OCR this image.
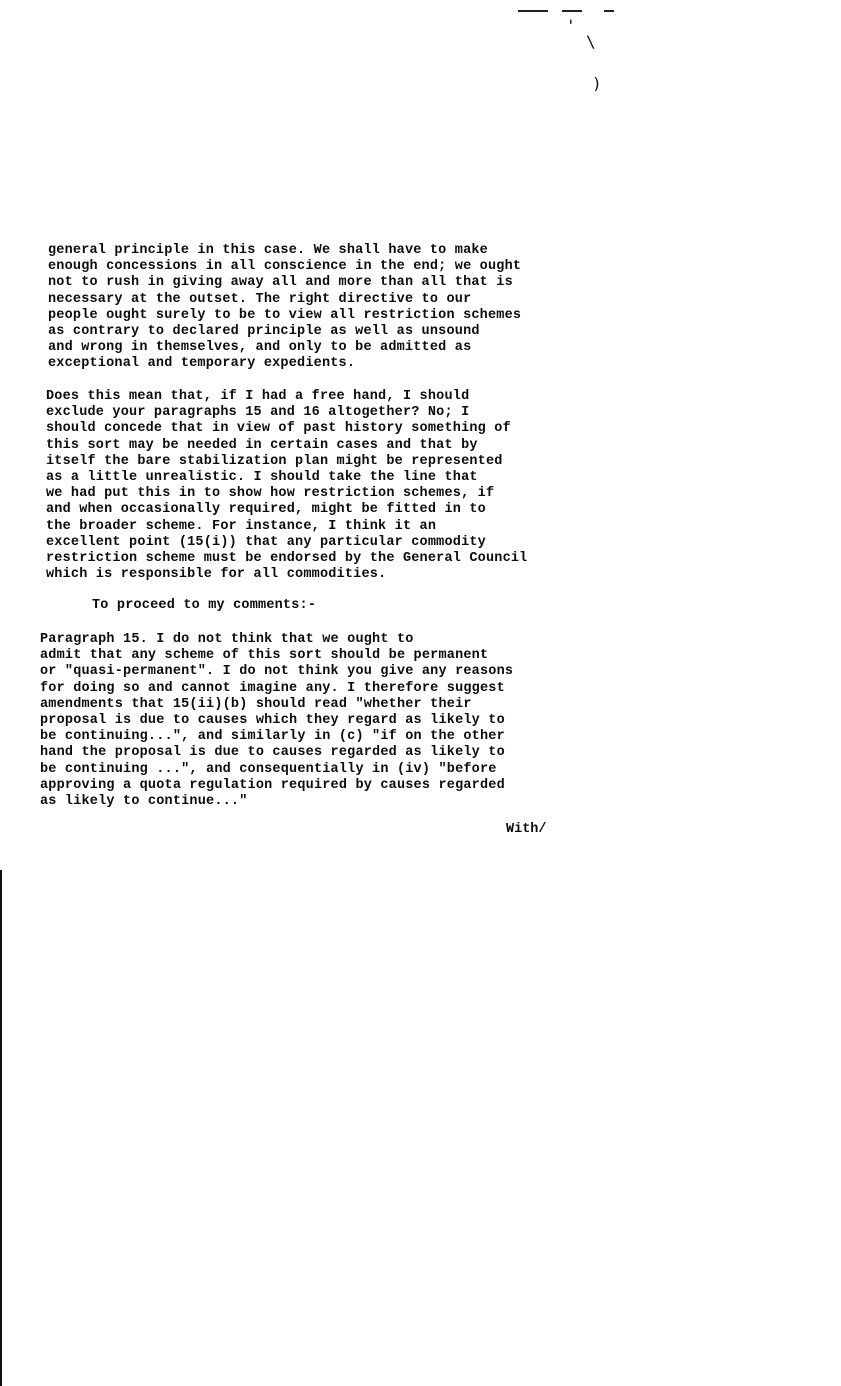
'
\
)
general principle in this case. We shall have to make
enough concessions in all conscience in the end; we ought
not to rush in giving away all and more than all that is
necessary at the outset. The right directive to our
people ought surely to be to view all restriction schemes
as contrary to declared principle as well as unsound
and wrong in themselves, and only to be admitted as
exceptional and temporary expedients.
Does this mean that, if I had a free hand, I should
exclude your paragraphs 15 and 16 altogether? No; I
should concede that in view of past history something of
this sort may be needed in certain cases and that by
itself the bare stabilization plan might be represented
as a little unrealistic. I should take the line that
we had put this in to show how restriction schemes, if
and when occasionally required, might be fitted in to
the broader scheme. For instance, I think it an
excellent point (15(i)) that any particular commodity
restriction scheme must be endorsed by the General Council
which is responsible for all commodities.
To proceed to my comments:-
Paragraph 15. I do not think that we ought to
admit that any scheme of this sort should be permanent
or "quasi-permanent". I do not think you give any reasons
for doing so and cannot imagine any. I therefore suggest
amendments that 15(ii)(b) should read "whether their
proposal is due to causes which they regard as likely to
be continuing...", and similarly in (c) "if on the other
hand the proposal is due to causes regarded as likely to
be continuing ...", and consequentially in (iv) "before
approving a quota regulation required by causes regarded
as likely to continue..."
With/
